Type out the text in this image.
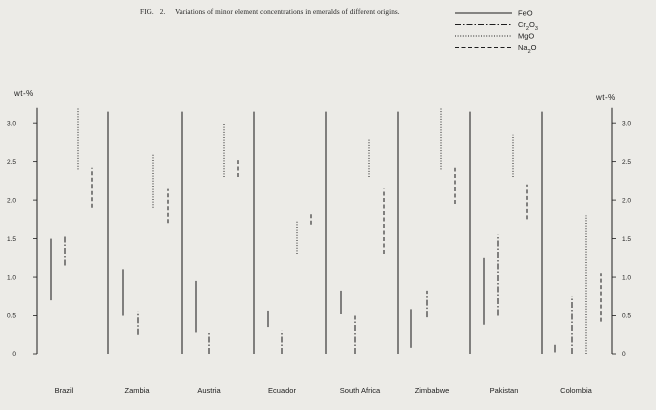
FIG. 2. Variations of minor element concentrations in emeralds of different origins.
0	0
0.5	0.5
1.0	1.0
1.5	1.5
2.0	2.0
2.5	2.5
3.0	3.0
wt-%	wt-%
Brazil	Zambia	Austria	Ecuador	South Africa	Zimbabwe	Pakistan	Colombia
FeO
$Cr_2O_3$
MgO
$Na_2O$
